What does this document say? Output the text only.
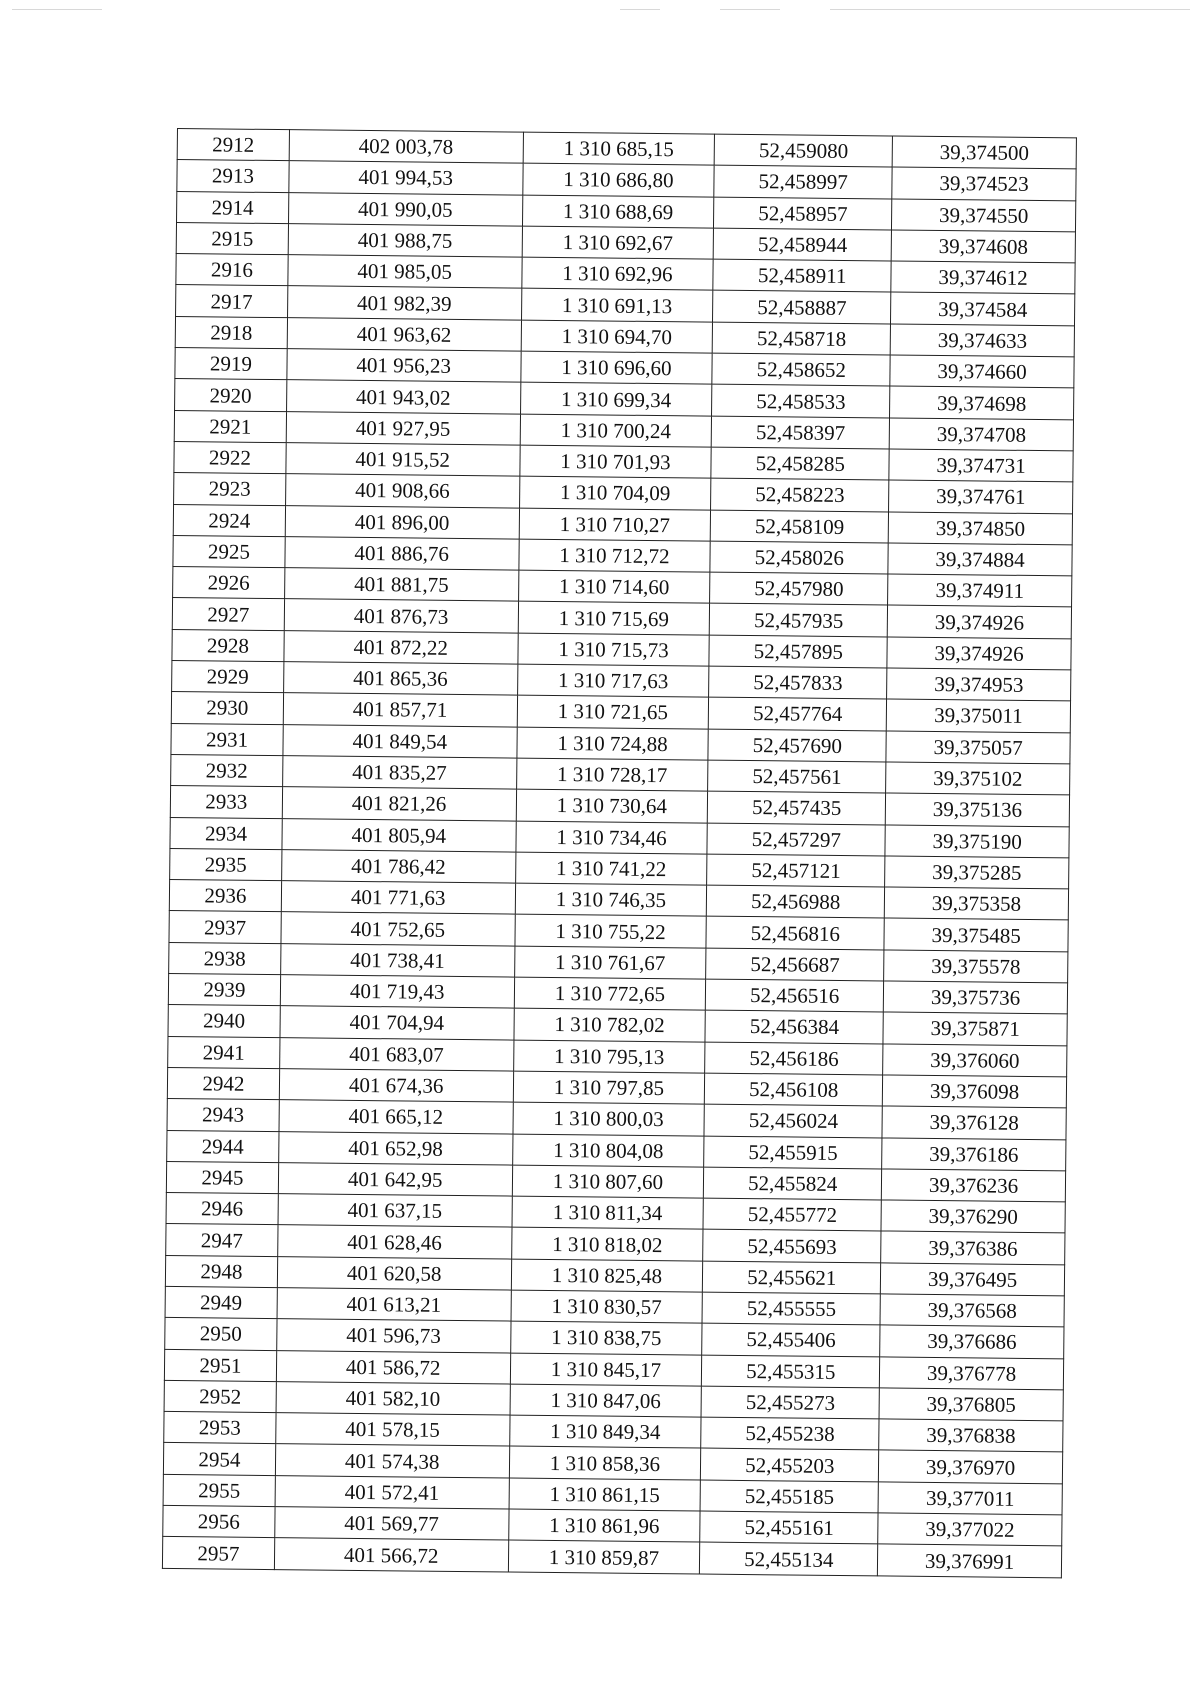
2912	402 003,78	1 310 685,15	52,459080	39,374500
2913	401 994,53	1 310 686,80	52,458997	39,374523
2914	401 990,05	1 310 688,69	52,458957	39,374550
2915	401 988,75	1 310 692,67	52,458944	39,374608
2916	401 985,05	1 310 692,96	52,458911	39,374612
2917	401 982,39	1 310 691,13	52,458887	39,374584
2918	401 963,62	1 310 694,70	52,458718	39,374633
2919	401 956,23	1 310 696,60	52,458652	39,374660
2920	401 943,02	1 310 699,34	52,458533	39,374698
2921	401 927,95	1 310 700,24	52,458397	39,374708
2922	401 915,52	1 310 701,93	52,458285	39,374731
2923	401 908,66	1 310 704,09	52,458223	39,374761
2924	401 896,00	1 310 710,27	52,458109	39,374850
2925	401 886,76	1 310 712,72	52,458026	39,374884
2926	401 881,75	1 310 714,60	52,457980	39,374911
2927	401 876,73	1 310 715,69	52,457935	39,374926
2928	401 872,22	1 310 715,73	52,457895	39,374926
2929	401 865,36	1 310 717,63	52,457833	39,374953
2930	401 857,71	1 310 721,65	52,457764	39,375011
2931	401 849,54	1 310 724,88	52,457690	39,375057
2932	401 835,27	1 310 728,17	52,457561	39,375102
2933	401 821,26	1 310 730,64	52,457435	39,375136
2934	401 805,94	1 310 734,46	52,457297	39,375190
2935	401 786,42	1 310 741,22	52,457121	39,375285
2936	401 771,63	1 310 746,35	52,456988	39,375358
2937	401 752,65	1 310 755,22	52,456816	39,375485
2938	401 738,41	1 310 761,67	52,456687	39,375578
2939	401 719,43	1 310 772,65	52,456516	39,375736
2940	401 704,94	1 310 782,02	52,456384	39,375871
2941	401 683,07	1 310 795,13	52,456186	39,376060
2942	401 674,36	1 310 797,85	52,456108	39,376098
2943	401 665,12	1 310 800,03	52,456024	39,376128
2944	401 652,98	1 310 804,08	52,455915	39,376186
2945	401 642,95	1 310 807,60	52,455824	39,376236
2946	401 637,15	1 310 811,34	52,455772	39,376290
2947	401 628,46	1 310 818,02	52,455693	39,376386
2948	401 620,58	1 310 825,48	52,455621	39,376495
2949	401 613,21	1 310 830,57	52,455555	39,376568
2950	401 596,73	1 310 838,75	52,455406	39,376686
2951	401 586,72	1 310 845,17	52,455315	39,376778
2952	401 582,10	1 310 847,06	52,455273	39,376805
2953	401 578,15	1 310 849,34	52,455238	39,376838
2954	401 574,38	1 310 858,36	52,455203	39,376970
2955	401 572,41	1 310 861,15	52,455185	39,377011
2956	401 569,77	1 310 861,96	52,455161	39,377022
2957	401 566,72	1 310 859,87	52,455134	39,376991
